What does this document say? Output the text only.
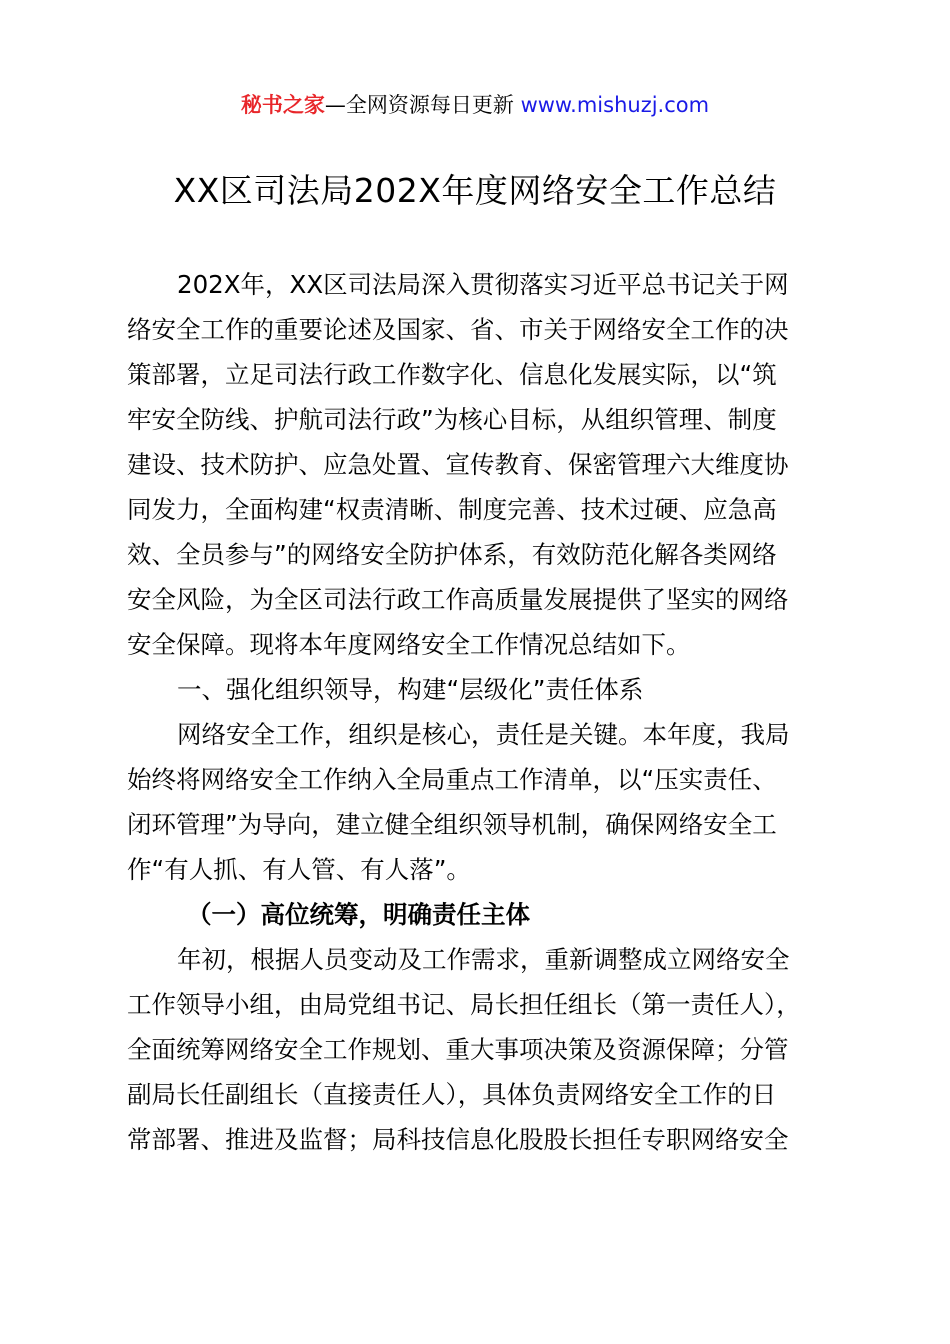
秘书之家—全网资源每日更新 www.mishuzj.com
XX区司法局202X年度网络安全工作总结
202X年，XX区司法局深入贯彻落实习近平总书记关于网
络安全工作的重要论述及国家、省、市关于网络安全工作的决
策部署，立足司法行政工作数字化、信息化发展实际，以“筑
牢安全防线、护航司法行政”为核心目标，从组织管理、制度
建设、技术防护、应急处置、宣传教育、保密管理六大维度协
同发力，全面构建“权责清晰、制度完善、技术过硬、应急高
效、全员参与”的网络安全防护体系，有效防范化解各类网络
安全风险，为全区司法行政工作高质量发展提供了坚实的网络
安全保障。现将本年度网络安全工作情况总结如下。
一、强化组织领导，构建“层级化”责任体系
网络安全工作，组织是核心，责任是关键。本年度，我局
始终将网络安全工作纳入全局重点工作清单，以“压实责任、
闭环管理”为导向，建立健全组织领导机制，确保网络安全工
作“有人抓、有人管、有人落”。
（一）高位统筹，明确责任主体
年初，根据人员变动及工作需求，重新调整成立网络安全
工作领导小组，由局党组书记、局长担任组长（第一责任人），
全面统筹网络安全工作规划、重大事项决策及资源保障；分管
副局长任副组长（直接责任人），具体负责网络安全工作的日
常部署、推进及监督；局科技信息化股股长担任专职网络安全
